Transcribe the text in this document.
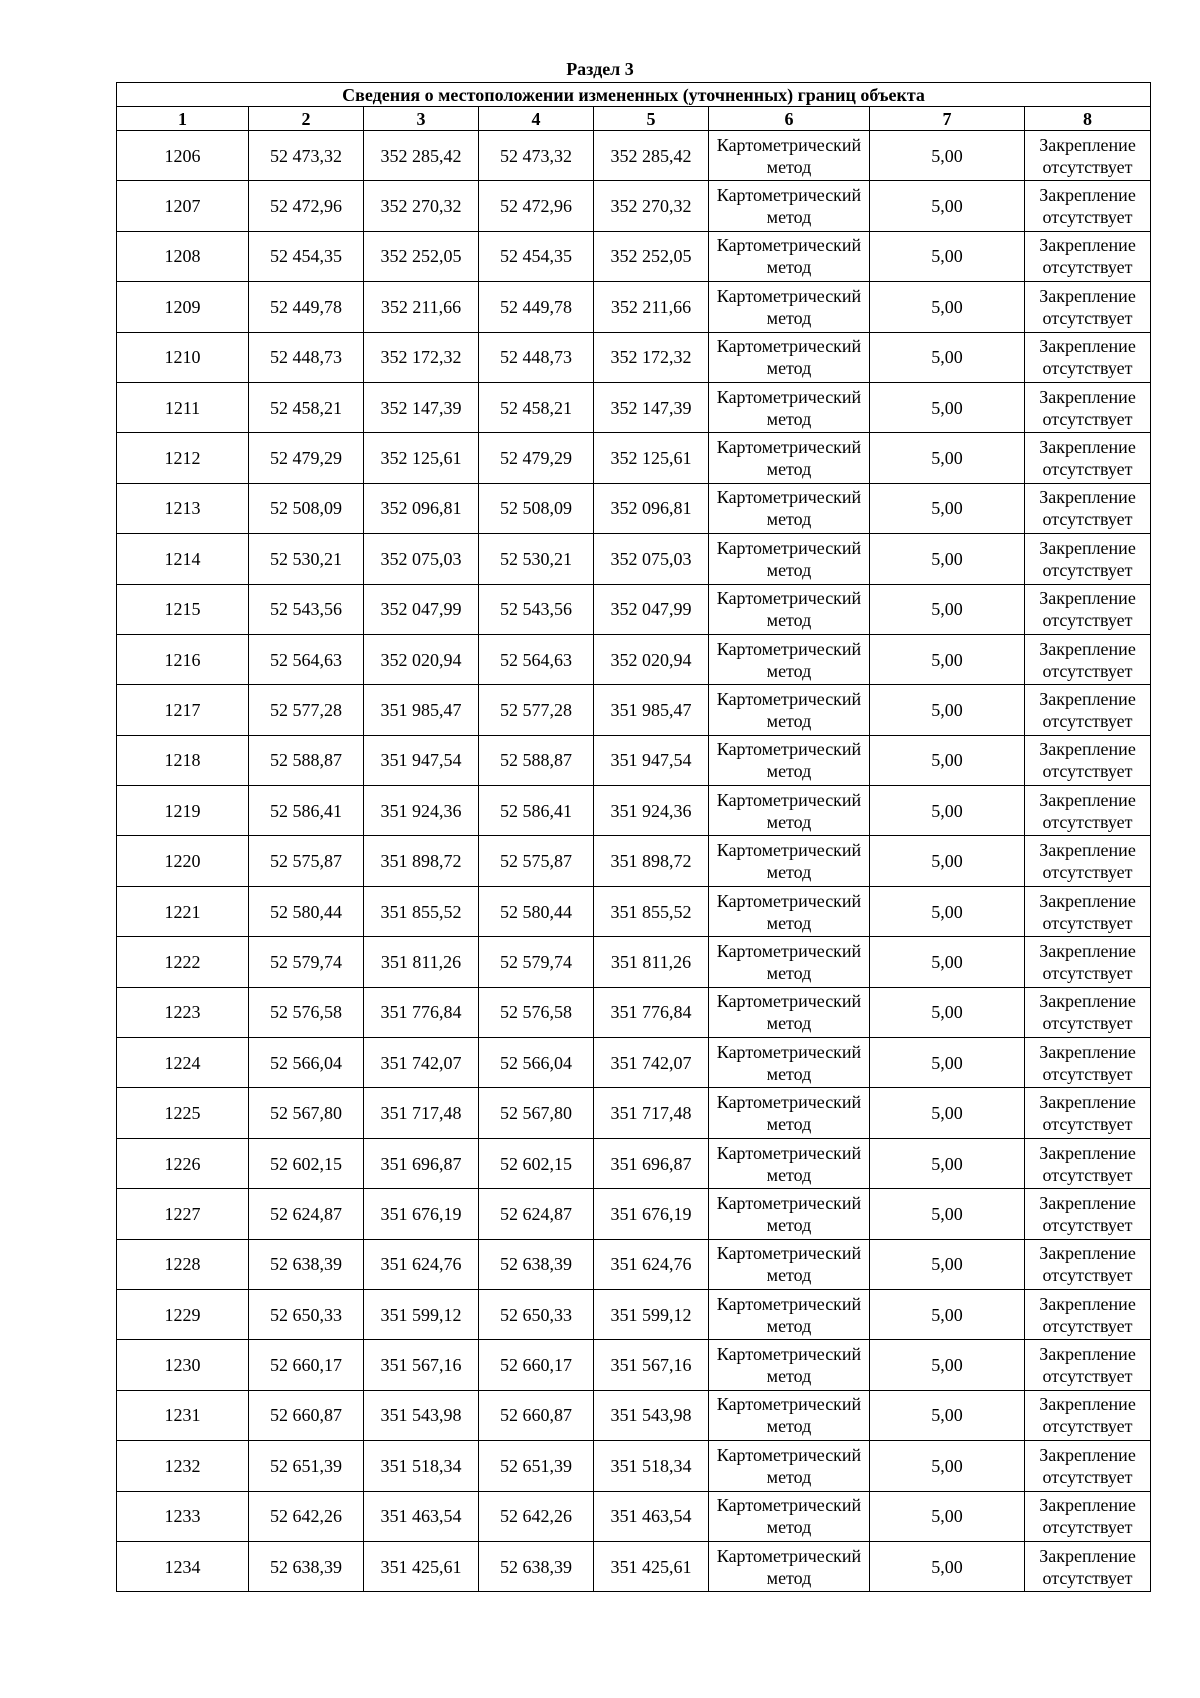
Раздел 3
Сведения о местоположении измененных (уточненных) границ объекта							
1	2	3	4	5	6	7	8
1206	52 473,32	352 285,42	52 473,32	352 285,42	Картометрический метод	5,00	Закрепление отсутствует
1207	52 472,96	352 270,32	52 472,96	352 270,32	Картометрический метод	5,00	Закрепление отсутствует
1208	52 454,35	352 252,05	52 454,35	352 252,05	Картометрический метод	5,00	Закрепление отсутствует
1209	52 449,78	352 211,66	52 449,78	352 211,66	Картометрический метод	5,00	Закрепление отсутствует
1210	52 448,73	352 172,32	52 448,73	352 172,32	Картометрический метод	5,00	Закрепление отсутствует
1211	52 458,21	352 147,39	52 458,21	352 147,39	Картометрический метод	5,00	Закрепление отсутствует
1212	52 479,29	352 125,61	52 479,29	352 125,61	Картометрический метод	5,00	Закрепление отсутствует
1213	52 508,09	352 096,81	52 508,09	352 096,81	Картометрический метод	5,00	Закрепление отсутствует
1214	52 530,21	352 075,03	52 530,21	352 075,03	Картометрический метод	5,00	Закрепление отсутствует
1215	52 543,56	352 047,99	52 543,56	352 047,99	Картометрический метод	5,00	Закрепление отсутствует
1216	52 564,63	352 020,94	52 564,63	352 020,94	Картометрический метод	5,00	Закрепление отсутствует
1217	52 577,28	351 985,47	52 577,28	351 985,47	Картометрический метод	5,00	Закрепление отсутствует
1218	52 588,87	351 947,54	52 588,87	351 947,54	Картометрический метод	5,00	Закрепление отсутствует
1219	52 586,41	351 924,36	52 586,41	351 924,36	Картометрический метод	5,00	Закрепление отсутствует
1220	52 575,87	351 898,72	52 575,87	351 898,72	Картометрический метод	5,00	Закрепление отсутствует
1221	52 580,44	351 855,52	52 580,44	351 855,52	Картометрический метод	5,00	Закрепление отсутствует
1222	52 579,74	351 811,26	52 579,74	351 811,26	Картометрический метод	5,00	Закрепление отсутствует
1223	52 576,58	351 776,84	52 576,58	351 776,84	Картометрический метод	5,00	Закрепление отсутствует
1224	52 566,04	351 742,07	52 566,04	351 742,07	Картометрический метод	5,00	Закрепление отсутствует
1225	52 567,80	351 717,48	52 567,80	351 717,48	Картометрический метод	5,00	Закрепление отсутствует
1226	52 602,15	351 696,87	52 602,15	351 696,87	Картометрический метод	5,00	Закрепление отсутствует
1227	52 624,87	351 676,19	52 624,87	351 676,19	Картометрический метод	5,00	Закрепление отсутствует
1228	52 638,39	351 624,76	52 638,39	351 624,76	Картометрический метод	5,00	Закрепление отсутствует
1229	52 650,33	351 599,12	52 650,33	351 599,12	Картометрический метод	5,00	Закрепление отсутствует
1230	52 660,17	351 567,16	52 660,17	351 567,16	Картометрический метод	5,00	Закрепление отсутствует
1231	52 660,87	351 543,98	52 660,87	351 543,98	Картометрический метод	5,00	Закрепление отсутствует
1232	52 651,39	351 518,34	52 651,39	351 518,34	Картометрический метод	5,00	Закрепление отсутствует
1233	52 642,26	351 463,54	52 642,26	351 463,54	Картометрический метод	5,00	Закрепление отсутствует
1234	52 638,39	351 425,61	52 638,39	351 425,61	Картометрический метод	5,00	Закрепление отсутствует
